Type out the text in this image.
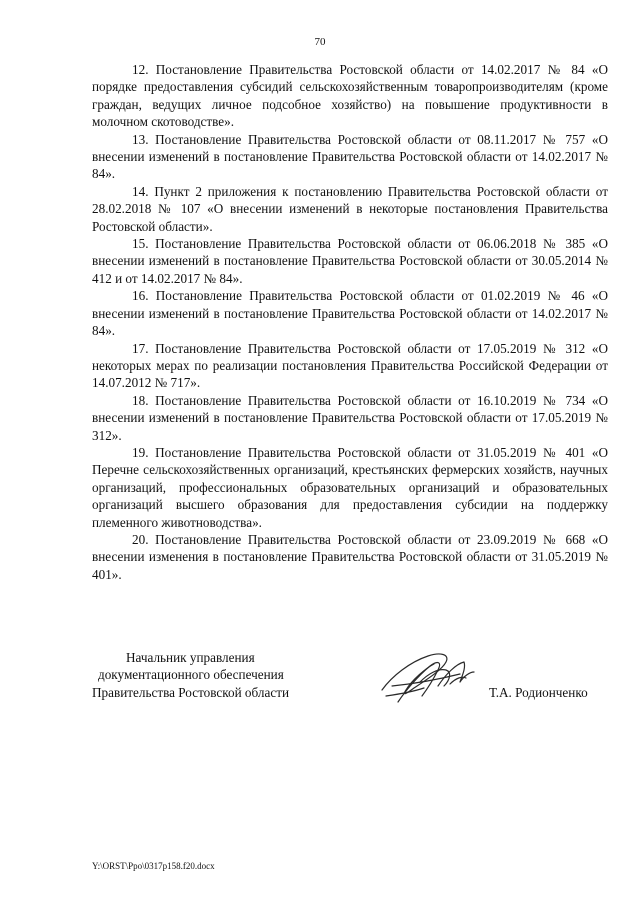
70

12. Постановление Правительства Ростовской области от 14.02.2017 № 84 «О порядке предоставления субсидий сельскохозяйственным товаропроизводителям (кроме граждан, ведущих личное подсобное хозяйство) на повышение продуктивности в молочном скотоводстве».

13. Постановление Правительства Ростовской области от 08.11.2017 № 757 «О внесении изменений в постановление Правительства Ростовской области от 14.02.2017 № 84».

14. Пункт 2 приложения к постановлению Правительства Ростовской области от 28.02.2018 № 107 «О внесении изменений в некоторые постановления Правительства Ростовской области».

15. Постановление Правительства Ростовской области от 06.06.2018 № 385 «О внесении изменений в постановление Правительства Ростовской области от 30.05.2014 № 412 и от 14.02.2017 № 84».

16. Постановление Правительства Ростовской области от 01.02.2019 № 46 «О внесении изменений в постановление Правительства Ростовской области от 14.02.2017 № 84».

17. Постановление Правительства Ростовской области от 17.05.2019 № 312 «О некоторых мерах по реализации постановления Правительства Российской Федерации от 14.07.2012 № 717».

18. Постановление Правительства Ростовской области от 16.10.2019 № 734 «О внесении изменений в постановление Правительства Ростовской области от 17.05.2019 № 312».

19. Постановление Правительства Ростовской области от 31.05.2019 № 401 «О Перечне сельскохозяйственных организаций, крестьянских фермерских хозяйств, научных организаций, профессиональных образовательных организаций и образовательных организаций высшего образования для предоставления субсидии на поддержку племенного животноводства».

20. Постановление Правительства Ростовской области от 23.09.2019 № 668 «О внесении изменения в постановление Правительства Ростовской области от 31.05.2019 № 401».

Начальник управления
документационного обеспечения
Правительства Ростовской области	Т.А. Родионченко
Y:\ORST\Ppo\0317p158.f20.docx
